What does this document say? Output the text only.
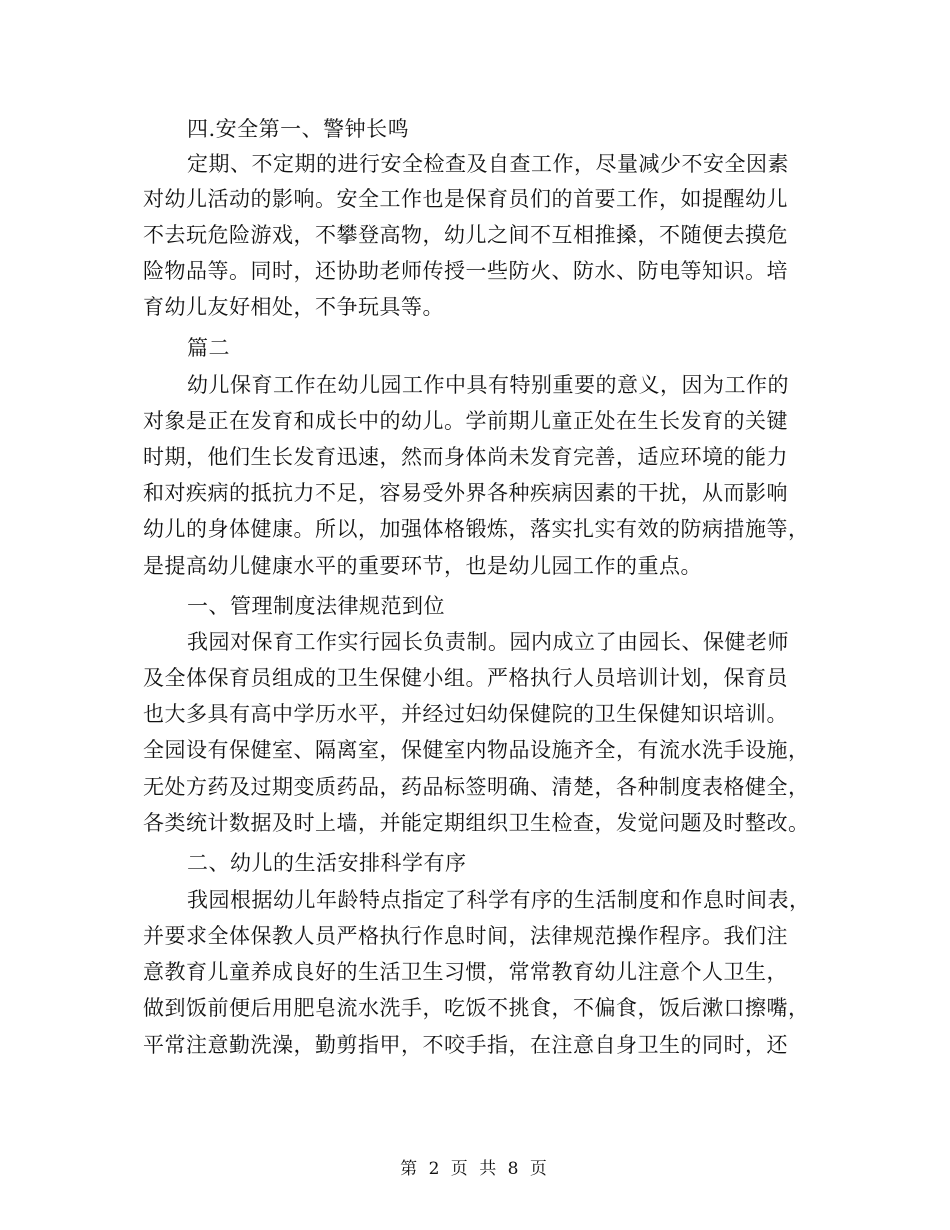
四.安全第一、警钟长鸣
定期、不定期的进行安全检查及自查工作，尽量减少不安全因素
对幼儿活动的影响。安全工作也是保育员们的首要工作，如提醒幼儿
不去玩危险游戏，不攀登高物，幼儿之间不互相推搡，不随便去摸危
险物品等。同时，还协助老师传授一些防火、防水、防电等知识。培
育幼儿友好相处，不争玩具等。
篇二
幼儿保育工作在幼儿园工作中具有特别重要的意义，因为工作的
对象是正在发育和成长中的幼儿。学前期儿童正处在生长发育的关键
时期，他们生长发育迅速，然而身体尚未发育完善，适应环境的能力
和对疾病的抵抗力不足，容易受外界各种疾病因素的干扰，从而影响
幼儿的身体健康。所以，加强体格锻炼，落实扎实有效的防病措施等，
是提高幼儿健康水平的重要环节，也是幼儿园工作的重点。
一、管理制度法律规范到位
我园对保育工作实行园长负责制。园内成立了由园长、保健老师
及全体保育员组成的卫生保健小组。严格执行人员培训计划，保育员
也大多具有高中学历水平，并经过妇幼保健院的卫生保健知识培训。
全园设有保健室、隔离室，保健室内物品设施齐全，有流水洗手设施，
无处方药及过期变质药品，药品标签明确、清楚，各种制度表格健全，
各类统计数据及时上墙，并能定期组织卫生检查，发觉问题及时整改。
二、幼儿的生活安排科学有序
我园根据幼儿年龄特点指定了科学有序的生活制度和作息时间表，
并要求全体保教人员严格执行作息时间，法律规范操作程序。我们注
意教育儿童养成良好的生活卫生习惯，常常教育幼儿注意个人卫生，
做到饭前便后用肥皂流水洗手，吃饭不挑食，不偏食，饭后漱口擦嘴，
平常注意勤洗澡，勤剪指甲，不咬手指，在注意自身卫生的同时，还
第 2 页 共 8 页
